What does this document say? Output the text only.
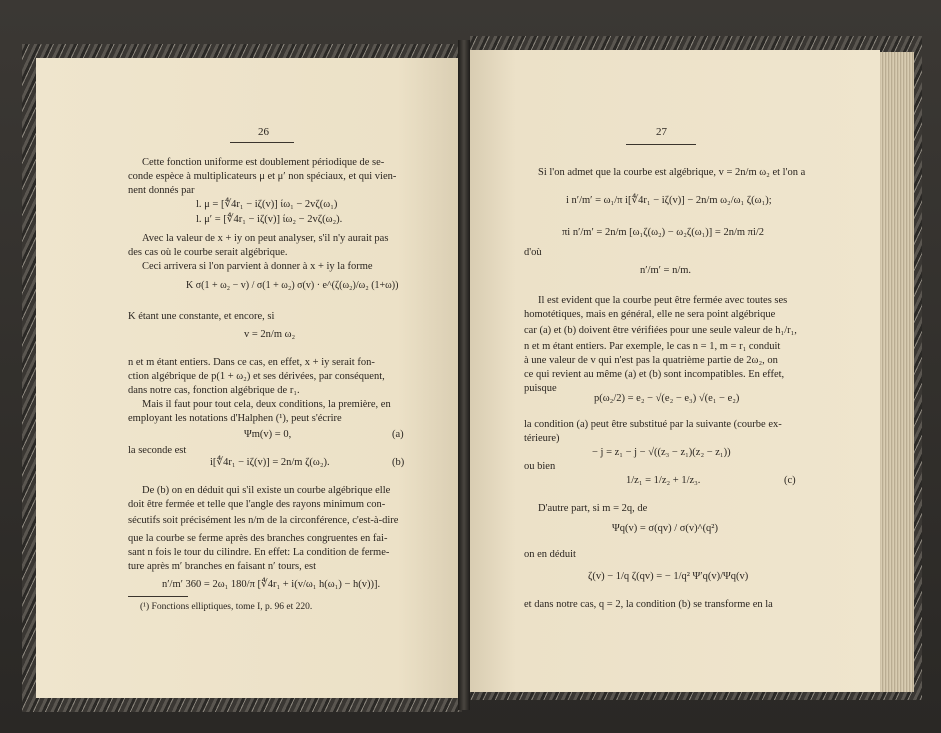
26
Cette fonction uniforme est doublement périodique de se-
conde espèce à multiplicateurs μ et μ′ non spéciaux, et qui vien-
nent donnés par
l. μ = [∜4r₁ − iζ(v)] ίω₁ − 2vζ(ω₁)
l. μ′ = [∜4r₁ − iζ(v)] ίω₂ − 2vζ(ω₂).
Avec la valeur de x + iy on peut analyser, s'il n'y aurait pas
des cas où le courbe serait algébrique.
Ceci arrivera si l'on parvient à donner à x + iy la forme
K σ(1 + ω₂ − v) / σ(1 + ω₂) σ(v) · e^(ζ(ω₂)/ω₂ (1+ω))
K étant une constante, et encore, si
v = 2n/m ω₂
n et m étant entiers. Dans ce cas, en effet, x + iy serait fon-
ction algébrique de p(1 + ω₂) et ses dérivées, par conséquent,
dans notre cas, fonction algébrique de r₁.
Mais il faut pour tout cela, deux conditions, la première, en
employant les notations d'Halphen (¹), peut s'écrire
Ψm(v) = 0,	(a)
la seconde est
i[∜4r₁ − iζ(v)] = 2n/m ζ(ω₂).	(b)
De (b) on en déduit qui s'il existe un courbe algébrique elle
doit être fermée et telle que l'angle des rayons minimum con-
sécutifs soit précisément les n/m de la circonférence, c'est-à-dire
que la courbe se ferme après des branches congruentes en fai-
sant n fois le tour du cilindre. En effet: La condition de ferme-
ture après m′ branches en faisant n′ tours, est
n′/m′ 360 = 2ω₁ 180/π [∜4r₁ + i(v/ω₁ h(ω₁) − h(v))].
(¹) Fonctions elliptiques, tome I, p. 96 et 220.
27
Si l'on admet que la courbe est algébrique, v = 2n/m ω₂ et l'on a
i n′/m′ = ω₁/π i[∜4r₁ − iζ(v)] − 2n/m ω₂/ω₁ ζ(ω₁);
πi n′/m′ = 2n/m [ω₁ζ(ω₂) − ω₂ζ(ω₁)] = 2n/m πi/2
d'où
n′/m′ = n/m.
Il est evident que la courbe peut être fermée avec toutes ses
homotétiques, mais en général, elle ne sera point algébrique
car (a) et (b) doivent être vérifiées pour une seule valeur de h₁/r₁,
n et m étant entiers. Par exemple, le cas n = 1, m = r₁ conduit
à une valeur de v qui n'est pas la quatrième partie de 2ω₂, on
ce qui revient au même (a) et (b) sont incompatibles. En effet,
puisque
p(ω₂/2) = e₂ − √(e₂ − e₃) √(e₁ − e₂)
la condition (a) peut être substitué par la suivante (courbe ex-
térieure)
− j = z₁ − j − √((z₃ − z₁)(z₂ − z₁))
ou bien
1/z₁ = 1/z₂ + 1/z₃.	(c)
D'autre part, si m = 2q, de
Ψq(v) = σ(qv) / σ(v)^(q²)
on en déduit
ζ(v) − 1/q ζ(qv) = − 1/q² Ψ′q(v)/Ψq(v)
et dans notre cas, q = 2, la condition (b) se transforme en la
